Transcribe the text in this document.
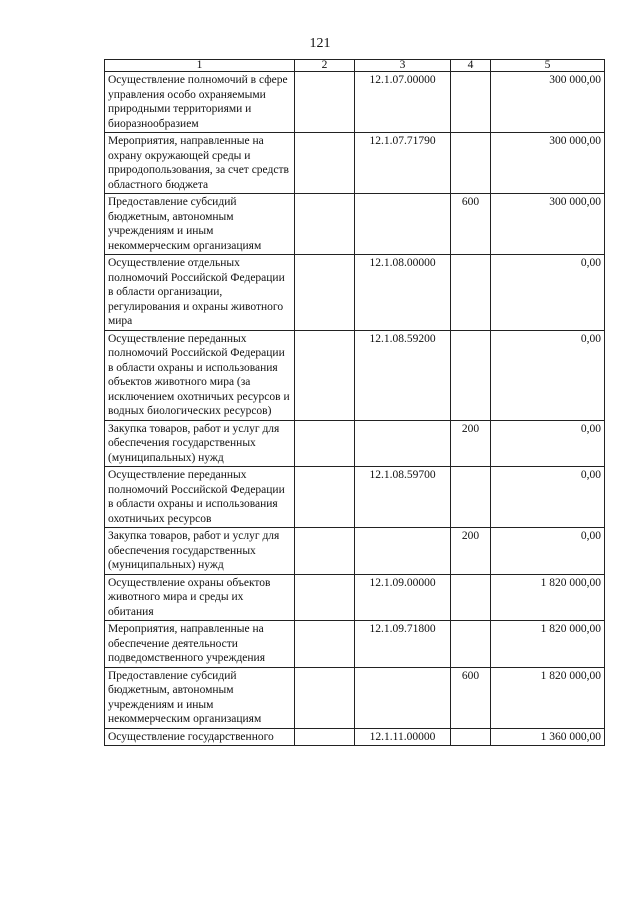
121
1	2	3	4	5
Осуществление полномочий в сфере управления особо охраняемыми природными территориями и биоразнообразием		12.1.07.00000		300 000,00
Мероприятия, направленные на охрану окружающей среды и природопользования, за счет средств областного бюджета		12.1.07.71790		300 000,00
Предоставление субсидий бюджетным, автономным учреждениям и иным некоммерческим организациям			600	300 000,00
Осуществление отдельных полномочий Российской Федерации в области организации, регулирования и охраны животного мира		12.1.08.00000		0,00
Осуществление переданных полномочий Российской Федерации в области охраны и использования объектов животного мира (за исключением охотничьих ресурсов и водных биологических ресурсов)		12.1.08.59200		0,00
Закупка товаров, работ и услуг для обеспечения государственных (муниципальных) нужд			200	0,00
Осуществление переданных полномочий Российской Федерации в области охраны и использования охотничьих ресурсов		12.1.08.59700		0,00
Закупка товаров, работ и услуг для обеспечения государственных (муниципальных) нужд			200	0,00
Осуществление охраны объектов животного мира и среды их обитания		12.1.09.00000		1 820 000,00
Мероприятия, направленные на обеспечение деятельности подведомственного учреждения		12.1.09.71800		1 820 000,00
Предоставление субсидий бюджетным, автономным учреждениям и иным некоммерческим организациям			600	1 820 000,00
Осуществление государственного		12.1.11.00000		1 360 000,00
